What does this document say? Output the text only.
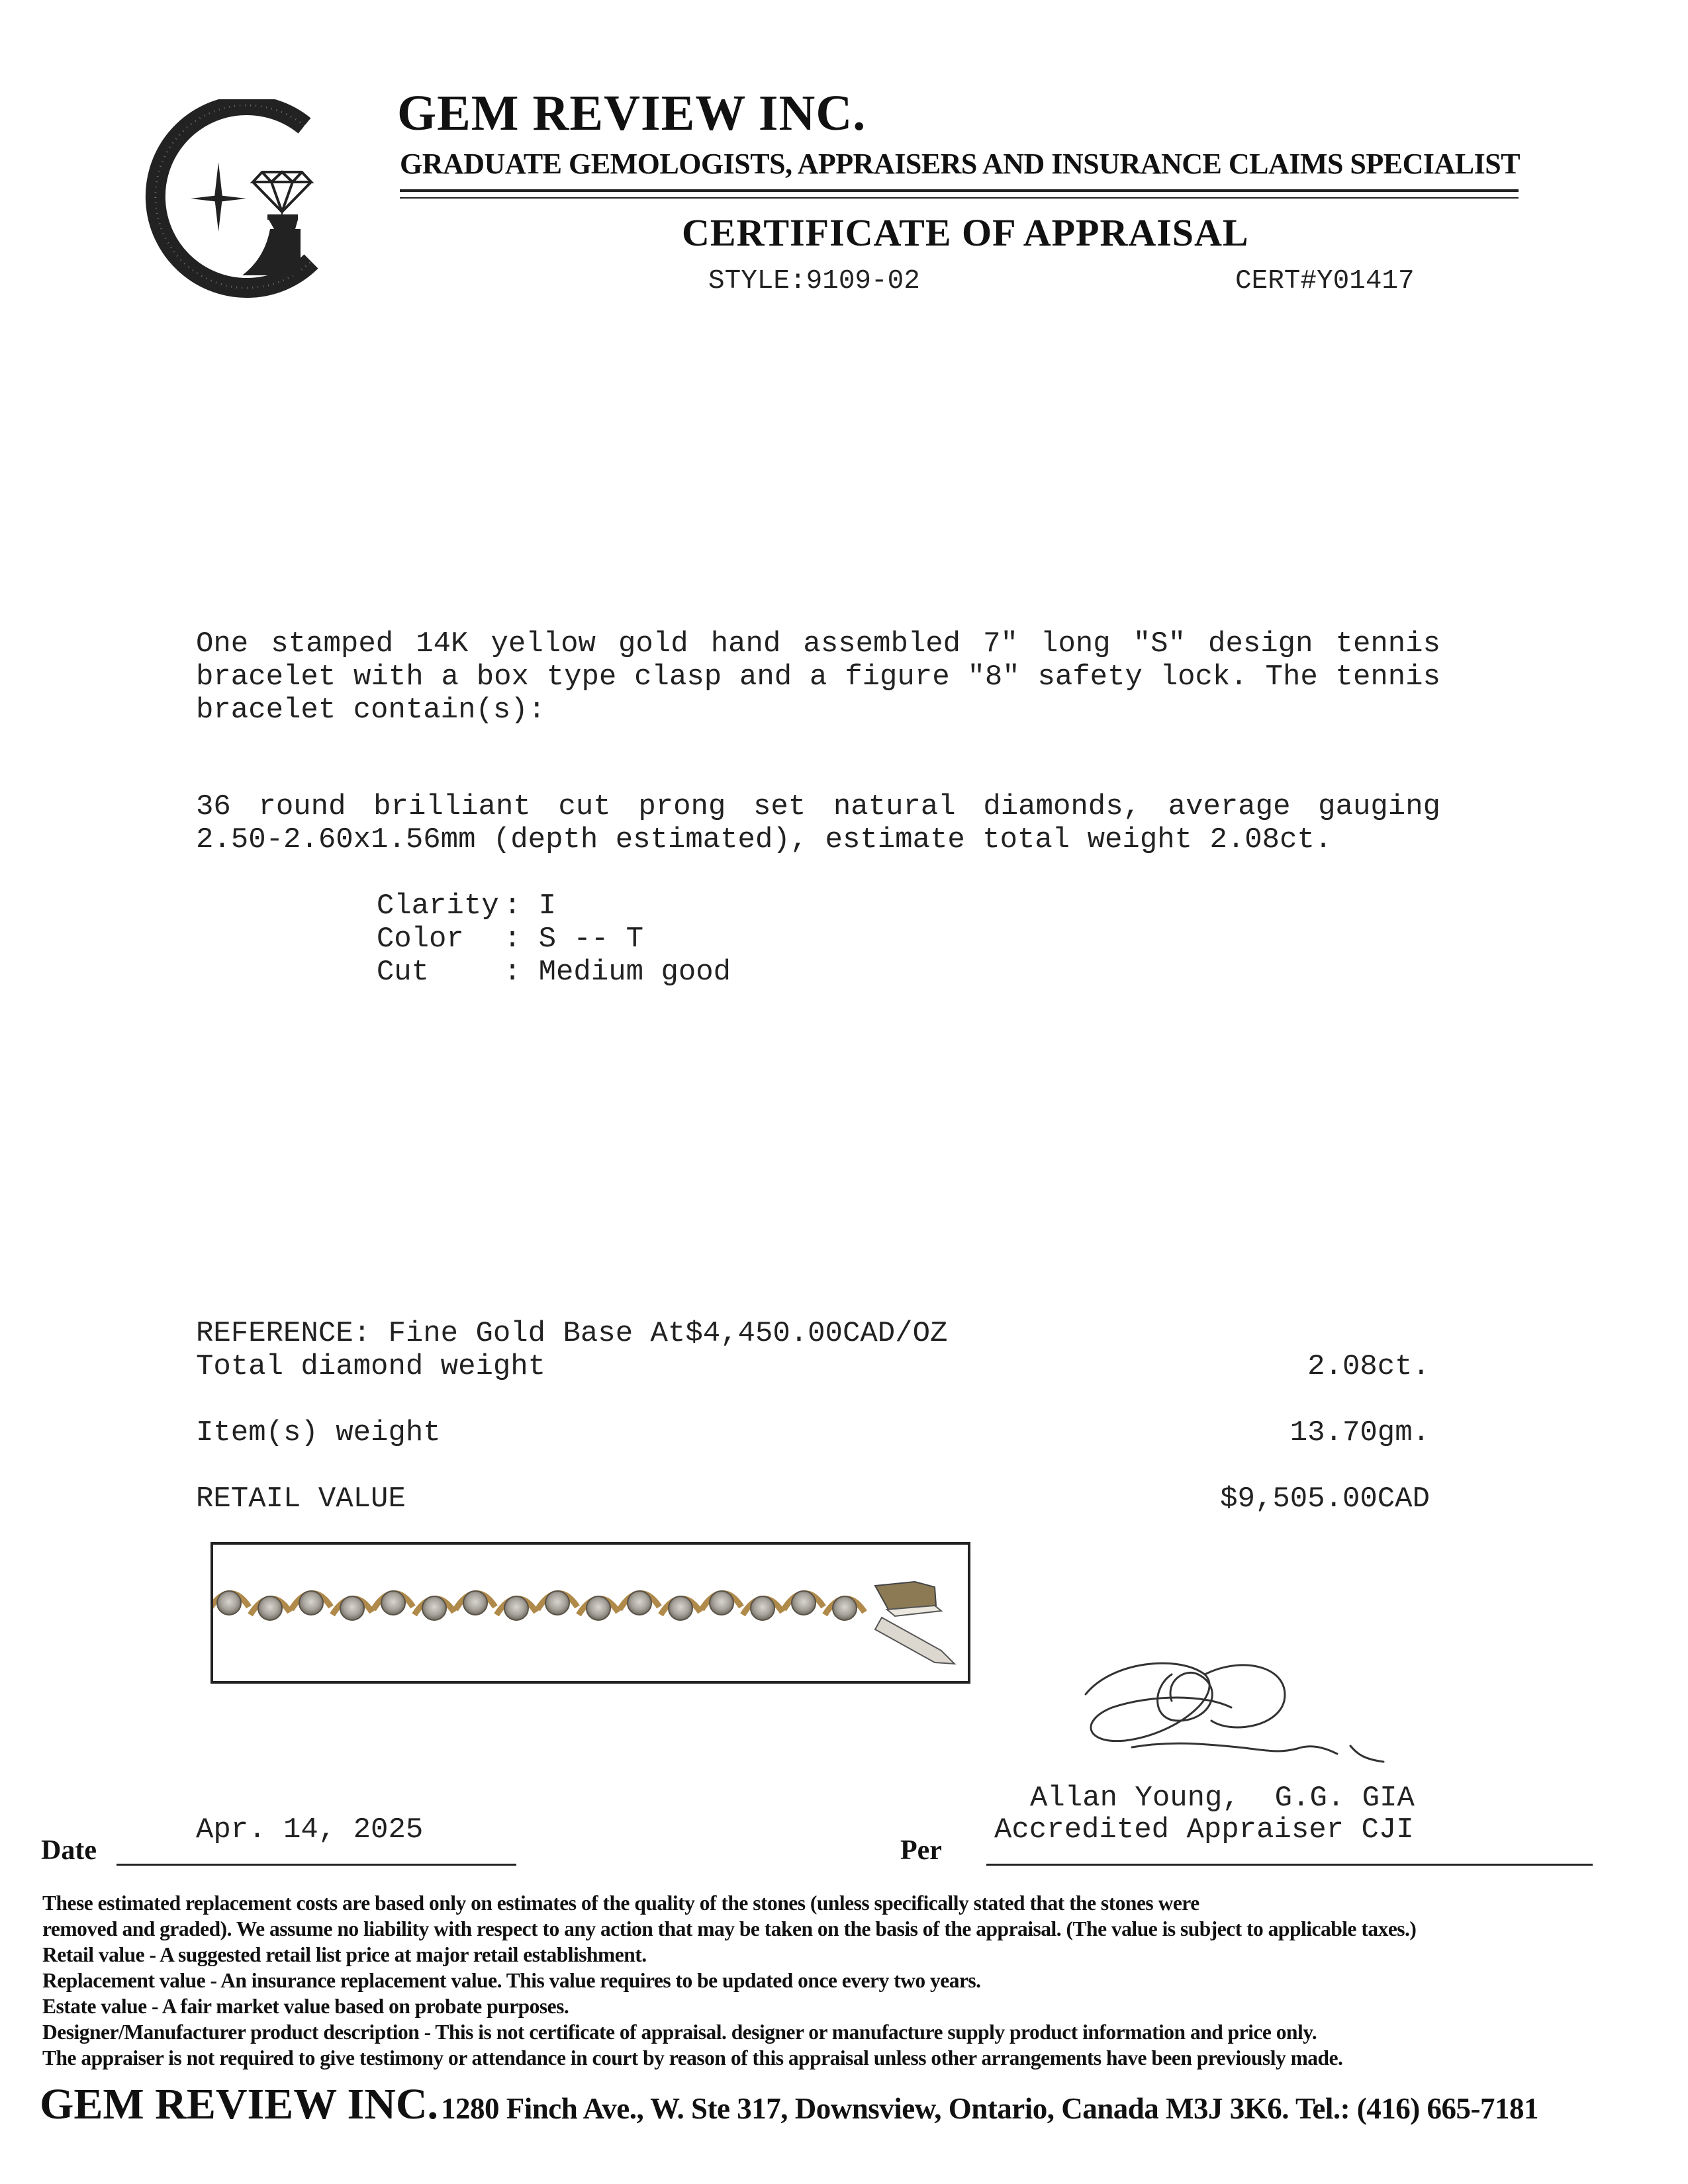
GEM REVIEW INC.
GRADUATE GEMOLOGISTS, APPRAISERS AND INSURANCE CLAIMS SPECIALIST
CERTIFICATE OF APPRAISAL
STYLE:9109-02	CERT#Y01417
One stamped 14K yellow gold hand assembled 7" long "S" design tennis bracelet with a box type clasp and a figure "8" safety lock. The tennis bracelet contain(s):
36 round brilliant cut prong set natural diamonds, average gauging 2.50-2.60x1.56mm (depth estimated), estimate total weight 2.08ct.

Clarity : I

Color : S -- T

Cut	: Medium good

REFERENCE: Fine Gold Base At$4,450.00CAD/OZ
Total diamond weight	2.08ct.
Item(s) weight	13.70gm.
RETAIL VALUE	$9,505.00CAD
Allan Young,  G.G. GIA
Accredited Appraiser CJI
Apr. 14, 2025
Date	Per

These estimated replacement costs are based only on estimates of the quality of the stones (unless specifically stated that the stones were

removed and graded). We assume no liability with respect to any action that may be taken on the basis of the appraisal. (The value is subject to applicable taxes.)

Retail value - A suggested retail list price at major retail establishment.

Replacement value - An insurance replacement value. This value requires to be updated once every two years.

Estate value - A fair market value based on probate purposes.

Designer/Manufacturer product description - This is not certificate of appraisal. designer or manufacture supply product information and price only.

The appraiser is not required to give testimony or attendance in court by reason of this appraisal unless other arrangements have been previously made.

GEM REVIEW INC. 1280 Finch Ave., W. Ste 317, Downsview, Ontario, Canada M3J 3K6. Tel.: (416) 665-7181
